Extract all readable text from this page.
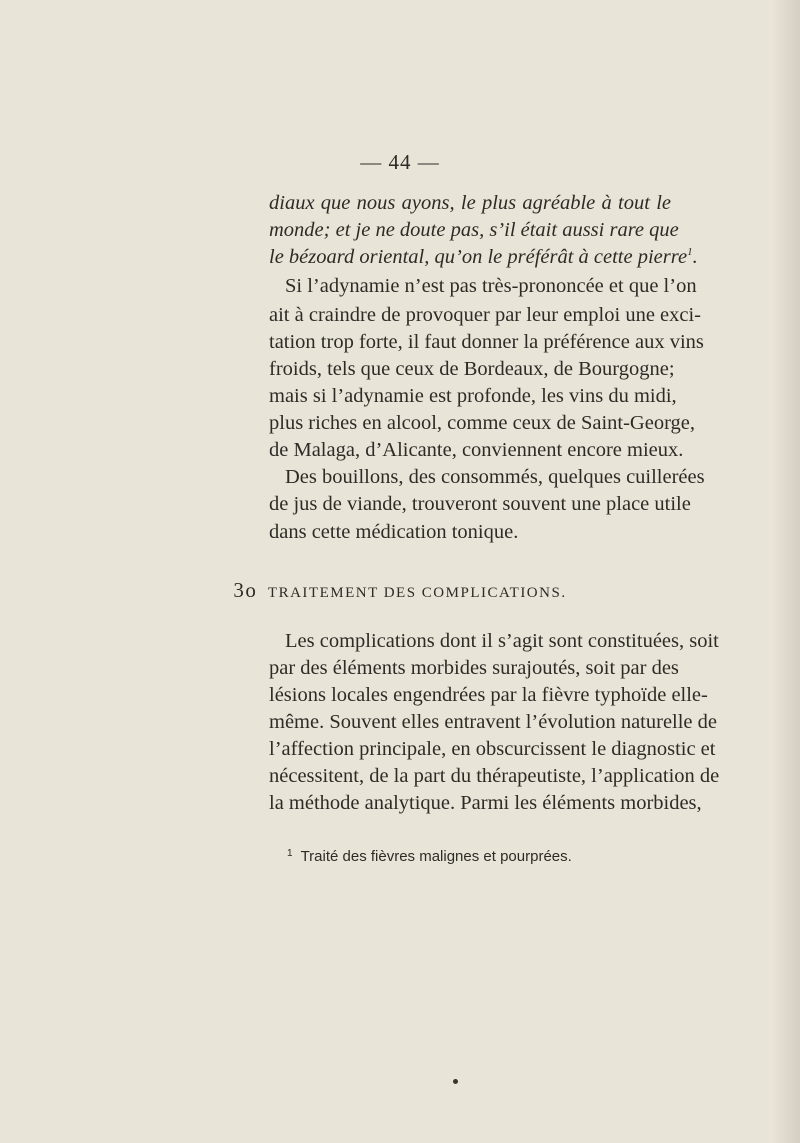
— 44 —
diaux que nous ayons, le plus agréable à tout le
monde; et je ne doute pas, s’il était aussi rare que
le bézoard oriental, qu’on le préférât à cette pierre$^1$.
Si l’adynamie n’est pas très-prononcée et que l’on
ait à craindre de provoquer par leur emploi une exci-
tation trop forte, il faut donner la préférence aux vins
froids, tels que ceux de Bordeaux, de Bourgogne;
mais si l’adynamie est profonde, les vins du midi,
plus riches en alcool, comme ceux de Saint-George,
de Malaga, d’Alicante, conviennent encore mieux.
Des bouillons, des consommés, quelques cuillerées
de jus de viande, trouveront souvent une place utile
dans cette médication tonique.
3o TRAITEMENT DES COMPLICATIONS.
Les complications dont il s’agit sont constituées, soit
par des éléments morbides surajoutés, soit par des
lésions locales engendrées par la fièvre typhoïde elle-
même. Souvent elles entravent l’évolution naturelle de
l’affection principale, en obscurcissent le diagnostic et
nécessitent, de la part du thérapeutiste, l’application de
la méthode analytique. Parmi les éléments morbides,
$^1$ Traité des fièvres malignes et pourprées.
